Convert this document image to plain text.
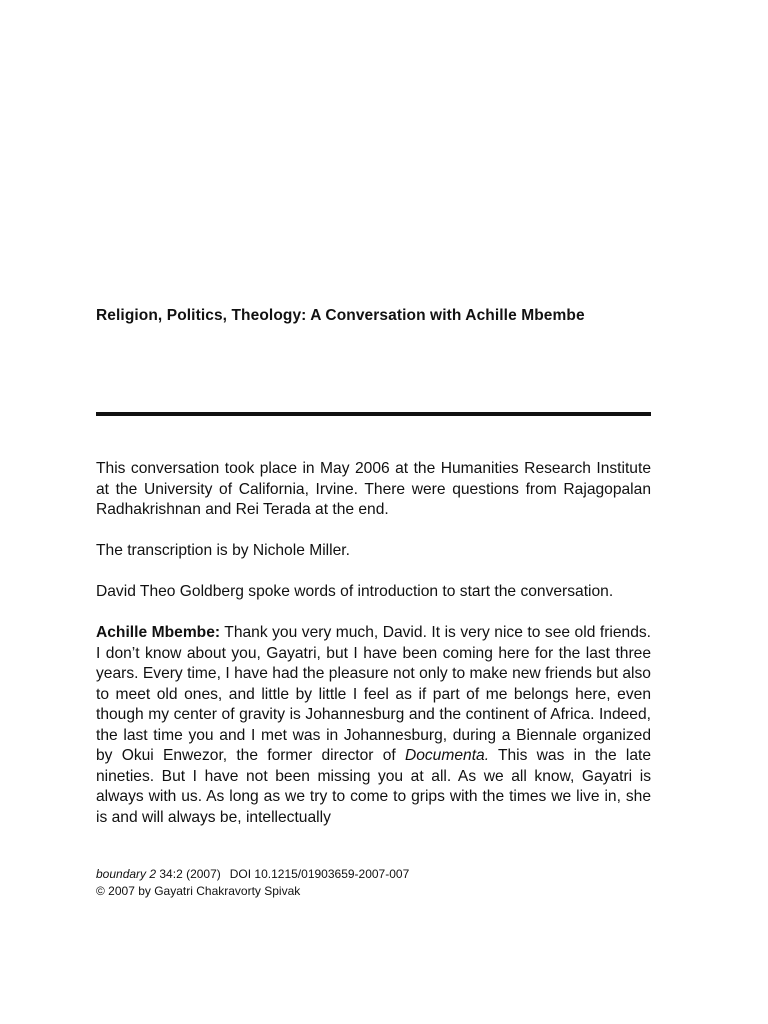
Religion, Politics, Theology: A Conversation with Achille Mbembe

This conversation took place in May 2006 at the Humanities Research Institute at the University of California, Irvine. There were questions from Rajagopalan Radhakrishnan and Rei Terada at the end.

The transcription is by Nichole Miller.

David Theo Goldberg spoke words of introduction to start the conversation.

Achille Mbembe: Thank you very much, David. It is very nice to see old friends. I don’t know about you, Gayatri, but I have been coming here for the last three years. Every time, I have had the pleasure not only to make new friends but also to meet old ones, and little by little I feel as if part of me belongs here, even though my center of gravity is Johannesburg and the continent of Africa. Indeed, the last time you and I met was in Johannesburg, during a Biennale organized by Okui Enwezor, the former director of Documenta. This was in the late nineties. But I have not been missing you at all. As we all know, Gayatri is always with us. As long as we try to come to grips with the times we live in, she is and will always be, intellectually

boundary 2 34:2 (2007) DOI 10.1215/01903659-2007-007
© 2007 by Gayatri Chakravorty Spivak
